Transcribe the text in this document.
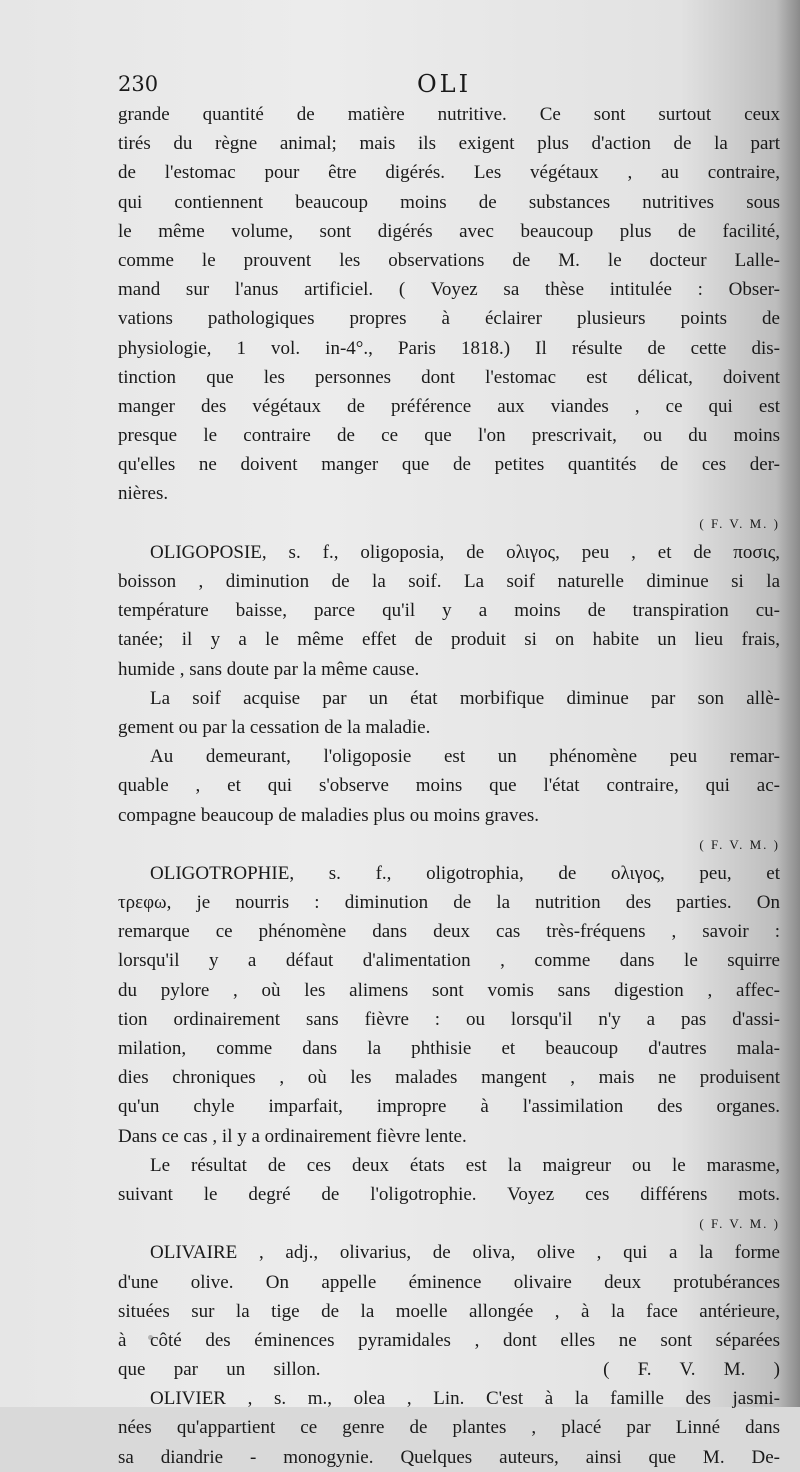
230	OLI
grande quantité de matière nutritive. Ce sont surtout ceux
tirés du règne animal; mais ils exigent plus d'action de la part
de l'estomac pour être digérés. Les végétaux , au contraire,
qui contiennent beaucoup moins de substances nutritives sous
le même volume, sont digérés avec beaucoup plus de facilité,
comme le prouvent les observations de M. le docteur Lalle-
mand sur l'anus artificiel. ( Voyez sa thèse intitulée : Obser-
vations pathologiques propres à éclairer plusieurs points de
physiologie, 1 vol. in-4°., Paris 1818.) Il résulte de cette dis-
tinction que les personnes dont l'estomac est délicat, doivent
manger des végétaux de préférence aux viandes , ce qui est
presque le contraire de ce que l'on prescrivait, ou du moins
qu'elles ne doivent manger que de petites quantités de ces der-
nières.
( F. V. M. )
OLIGOPOSIE, s. f., oligoposia, de ολιγος, peu , et de ποσις,
boisson , diminution de la soif. La soif naturelle diminue si la
température baisse, parce qu'il y a moins de transpiration cu-
tanée; il y a le même effet de produit si on habite un lieu frais,
humide , sans doute par la même cause.
La soif acquise par un état morbifique diminue par son allè-
gement ou par la cessation de la maladie.
Au demeurant, l'oligoposie est un phénomène peu remar-
quable , et qui s'observe moins que l'état contraire, qui ac-
compagne beaucoup de maladies plus ou moins graves.
( F. V. M. )
OLIGOTROPHIE, s. f., oligotrophia, de ολιγος, peu, et
τρεφω, je nourris : diminution de la nutrition des parties. On
remarque ce phénomène dans deux cas très-fréquens , savoir :
lorsqu'il y a défaut d'alimentation , comme dans le squirre
du pylore , où les alimens sont vomis sans digestion , affec-
tion ordinairement sans fièvre : ou lorsqu'il n'y a pas d'assi-
milation, comme dans la phthisie et beaucoup d'autres mala-
dies chroniques , où les malades mangent , mais ne produisent
qu'un chyle imparfait, impropre à l'assimilation des organes.
Dans ce cas , il y a ordinairement fièvre lente.
Le résultat de ces deux états est la maigreur ou le marasme,
suivant le degré de l'oligotrophie. Voyez ces différens mots.
( F. V. M. )
OLIVAIRE , adj., olivarius, de oliva, olive , qui a la forme
d'une olive. On appelle éminence olivaire deux protubérances
situées sur la tige de la moelle allongée , à la face antérieure,
à côté des éminences pyramidales , dont elles ne sont séparées
que par un sillon.          ( F. V. M. )
OLIVIER , s. m., olea , Lin. C'est à la famille des jasmi-
nées qu'appartient ce genre de plantes , placé par Linné dans
sa diandrie - monogynie. Quelques auteurs, ainsi que M. De-
